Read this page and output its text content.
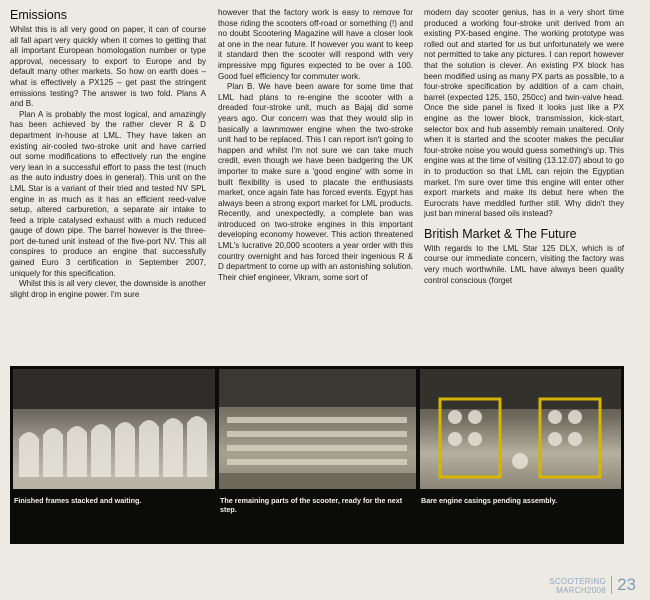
Emissions

Whilst this is all very good on paper, it can of course all fall apart very quickly when it comes to getting that all important European homologation number or type approval, necessary to export to Europe and by default many other markets. So how on earth does – what is effectively a PX125 – get past the stringent emissions testing? The answer is two fold. Plans A and B.

Plan A is probably the most logical, and amazingly has been achieved by the rather clever R & D department in-house at LML. They have taken an existing air-cooled two-stroke unit and have carried out some modifications to effectively run the engine very lean in a successful effort to pass the test (much as the auto industry does in general). This unit on the LML Star is a variant of their tried and tested NV SPL engine in as much as it has an efficient reed-valve setup, altered carburetion, a separate air intake to feed a triple catalysed exhaust with a much reduced gauge of down pipe. The barrel however is the three-port de-tuned unit instead of the five-port NV. This all conspires to produce an engine that successfully gained Euro 3 certification in September 2007, uniquely for this specification.

Whilst this is all very clever, the downside is another slight drop in engine power. I'm sure

however that the factory work is easy to remove for those riding the scooters off-road or something (!) and no doubt Scootering Magazine will have a closer look at one in the near future. If however you want to keep it standard then the scooter will respond with very impressive mpg figures expected to be over a 100. Good fuel efficiency for commuter work.

Plan B. We have been aware for some time that LML had plans to re-engine the scooter with a dreaded four-stroke unit, much as Bajaj did some years ago. Our concern was that they would slip in basically a lawnmower engine when the two-stroke unit had to be replaced. This I can report isn't going to happen and whilst I'm not sure we can take much credit, even though we have been badgering the UK importer to make sure a 'good engine' with some in built flexibility is used to placate the enthusiasts market, once again fate has forced events. Egypt has always been a strong export market for LML products. Recently, and unexpectedly, a complete ban was introduced on two-stroke engines in this important developing economy however. This action threatened LML's lucrative 20,000 scooters a year order with this country overnight and has forced their ingenious R & D department to come up with an astonishing solution. Their chief engineer, Vikram, some sort of

modern day scooter genius, has in a very short time produced a working four-stroke unit derived from an existing PX-based engine. The working prototype was rolled out and started for us but unfortunately we were not permitted to take any pictures. I can report however that the solution is clever. An existing PX block has been modified using as many PX parts as possible, to a four-stroke specification by addition of a cam chain, barrel (expected 125, 150, 250cc) and twin-valve head. Once the side panel is fixed it looks just like a PX engine as the lower block, transmission, kick-start, selector box and hub assembly remain unaltered. Only when it is started and the scooter makes the peculiar four-stroke noise you would guess something's up. This engine was at the time of visiting (13.12.07) about to go in to production so that LML can rejoin the Egyptian market. I'm sure over time this engine will enter other export markets and make its debut here when the Eurocrats have meddled further still. Why didn't they just ban mineral based oils instead?

British Market & The Future

With regards to the LML Star 125 DLX, which is of course our immediate concern, visiting the factory was very much worthwhile. LML have always been quality control conscious (forget

Finished frames stacked and waiting.	The remaining parts of the scooter, ready for the next step.
Bare engine casings pending assembly.
SCOOTERING
MARCH2008 23
